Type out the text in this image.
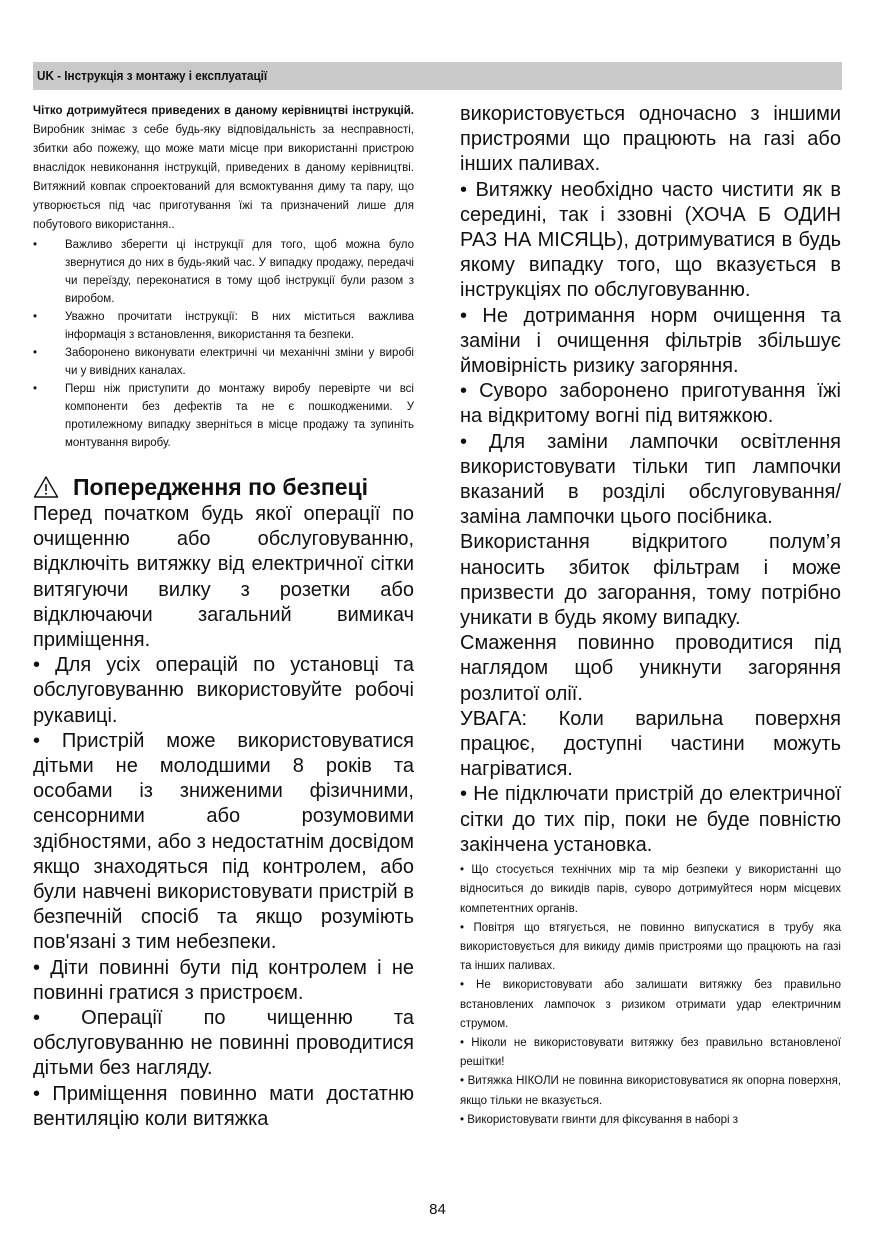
UK - Інструкція з монтажу і експлуатації
Чітко дотримуйтеся приведених в даному керівництві інструкцій. Виробник знімає з себе будь-яку відповідальність за несправності, збитки або пожежу, що може мати місце при використанні пристрою внаслідок невиконання інструкцій, приведених в даному керівництві. Витяжний ковпак спроектований для всмоктування диму та пару, що утворюється під час приготування їжі та призначений лише для побутового використання..
•	Важливо зберегти ці інструкції для того, щоб можна було звернутися до них в будь-який час. У випадку продажу, передачі чи переїзду, переконатися в тому щоб інструкції були разом з виробом.
•	Уважно прочитати інструкції: В них міститься важлива інформація з встановлення, використання та безпеки.
•	Заборонено виконувати електричні чи механічні зміни у виробі чи у вивідних каналах.
•	Перш ніж приступити до монтажу виробу перевірте чи всі компоненти без дефектів та не є пошкодженими. У протилежному випадку зверніться в місце продажу та зупиніть монтування виробу.
Попередження по безпеці

Перед початком будь якої операції по очищенню або обслуговуванню, відключіть витяжку від електричної сітки витягуючи вилку з розетки або відключаючи загальний вимикач приміщення.

• Для усіх операцій по установці та обслуговуванню використовуйте робочі рукавиці.

• Пристрій може використовуватися дітьми не молодшими 8 років та особами із зниженими фізичними, сенсорними або розумовими здібностями, або з недостатнім досвідом якщо знаходяться під контролем, або були навчені використовувати пристрій в безпечній спосіб та якщо розуміють пов'язані з тим небезпеки.

• Діти повинні бути під контролем і не повинні гратися з пристроєм.

• Операції по чищенню та обслуговуванню не повинні проводитися дітьми без нагляду.

• Приміщення повинно мати достатню вентиляцію коли витяжка

використовується одночасно з іншими пристроями що працюють на газі або інших паливах.

• Витяжку необхідно часто чистити як в середині, так і ззовні (ХОЧА Б ОДИН РАЗ НА МІСЯЦЬ), дотримуватися в будь якому випадку того, що вказується в інструкціях по обслуговуванню.

• Не дотримання норм очищення та заміни і очищення фільтрів збільшує ймовірність ризику загоряння.

• Суворо заборонено приготування їжі на відкритому вогні під витяжкою.

• Для заміни лампочки освітлення використовувати тільки тип лампочки вказаний в розділі обслуговування/заміна лампочки цього посібника.

Використання відкритого полум’я наносить збиток фільтрам і може призвести до загорання, тому потрібно уникати в будь якому випадку.

Смаження повинно проводитися під наглядом щоб уникнути загоряння розлитої олії.

УВАГА: Коли варильна поверхня працює, доступні частини можуть нагріватися.

• Не підключати пристрій до електричної сітки до тих пір, поки не буде повністю закінчена установка.

• Що стосується технічних мір та мір безпеки у використанні що відноситься до викидів парів, суворо дотримуйтеся норм місцевих компетентних органів.

• Повітря що втягується, не повинно випускатися в трубу яка використовується для викиду димів пристроями що працюють на газі та інших паливах.

• Не використовувати або залишати витяжку без правильно встановлених лампочок з ризиком отримати удар електричним струмом.

• Ніколи не використовувати витяжку без правильно встановленої решітки!

• Витяжка НІКОЛИ не повинна використовуватися як опорна поверхня, якщо тільки не вказується.

• Використовувати гвинти для фіксування в наборі з

84
